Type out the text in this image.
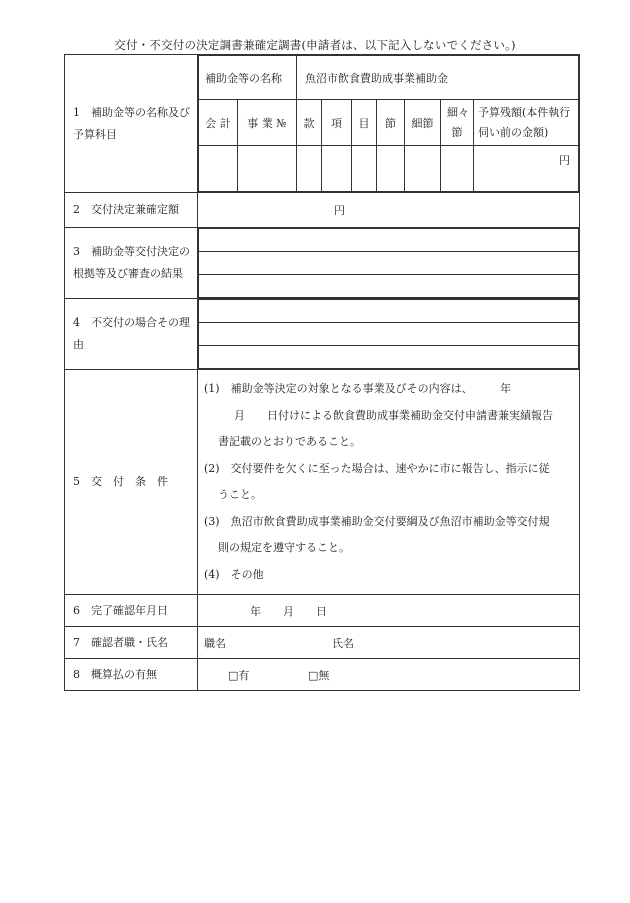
交付・不交付の決定調書兼確定調書(申請者は、以下記入しないでください。)
1　補助金等の名称及び予算科目	
補助金等の名称	魚沼市飲食費助成事業補助金
会 計	事 業 №	款	項	目	節	細節	細々節	予算残額(本件執行伺い前の金額)
								円

2　交付決定兼確定額	円
3　補助金等交付決定の根拠等及び審査の結果	

4　不交付の場合その理由	

5　交　付　条　件	
(1)　補助金等決定の対象となる事業及びその内容は、　　　年
月　　日付けによる飲食費助成事業補助金交付申請書兼実績報告
書記載のとおりであること。
(2)　交付要件を欠くに至った場合は、速やかに市に報告し、指示に従
うこと。
(3)　魚沼市飲食費助成事業補助金交付要綱及び魚沼市補助金等交付規
則の規定を遵守すること。
(4)　その他

6　完了確認年月日	年　　月　　日
7　確認者職・氏名	職名	氏名
8　概算払の有無	□有	□無
